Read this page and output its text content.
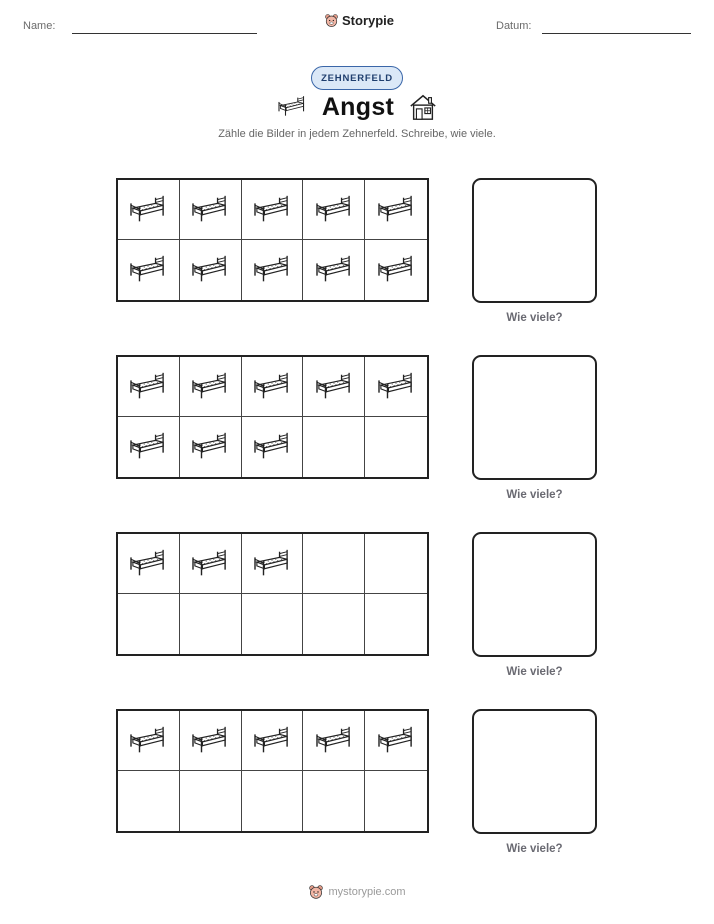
Name:	Storypie	Datum:
ZEHNERFELD
Angst
Zähle die Bilder in jedem Zehnerfeld. Schreibe, wie viele.
Wie viele?
Wie viele?
Wie viele?
Wie viele?
mystorypie.com
